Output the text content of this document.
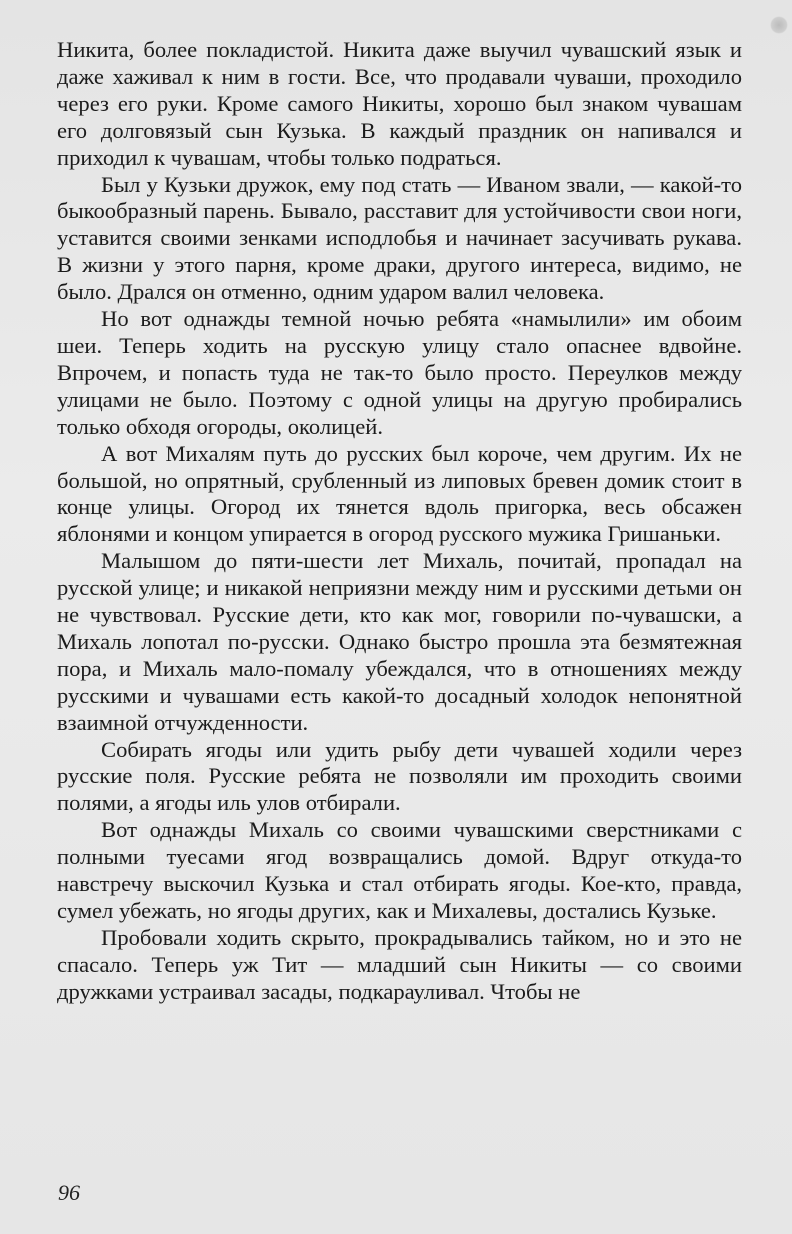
Никита, более покладистой. Никита даже выучил чувашский язык и даже хаживал к ним в гости. Все, что продавали чуваши, проходило через его руки. Кроме самого Никиты, хорошо был знаком чувашам его долговязый сын Кузька. В каждый праздник он напивался и приходил к чувашам, чтобы только подраться.

Был у Кузьки дружок, ему под стать — Иваном звали, — какой-то быкообразный парень. Бывало, расставит для устойчивости свои ноги, уставится своими зенками исподлобья и начинает засучивать рукава. В жизни у этого парня, кроме драки, другого интереса, видимо, не было. Дрался он отменно, одним ударом валил человека.

Но вот однажды темной ночью ребята «намылили» им обоим шеи. Теперь ходить на русскую улицу стало опаснее вдвойне. Впрочем, и попасть туда не так-то было просто. Переулков между улицами не было. Поэтому с одной улицы на другую пробирались только обходя огороды, околицей.

А вот Михалям путь до русских был короче, чем другим. Их не большой, но опрятный, срубленный из липовых бревен домик стоит в конце улицы. Огород их тянется вдоль пригорка, весь обсажен яблонями и концом упирается в огород русского мужика Гришаньки.

Малышом до пяти-шести лет Михаль, почитай, пропадал на русской улице; и никакой неприязни между ним и русскими детьми он не чувствовал. Русские дети, кто как мог, говорили по-чувашски, а Михаль лопотал по-русски. Однако быстро прошла эта безмятежная пора, и Михаль мало-помалу убеждался, что в отношениях между русскими и чувашами есть какой-то досадный холодок непонятной взаимной отчужденности.

Собирать ягоды или удить рыбу дети чувашей ходили через русские поля. Русские ребята не позволяли им проходить своими полями, а ягоды иль улов отбирали.

Вот однажды Михаль со своими чувашскими сверстниками с полными туесами ягод возвращались домой. Вдруг откуда-то навстречу выскочил Кузька и стал отбирать ягоды. Кое-кто, правда, сумел убежать, но ягоды других, как и Михалевы, достались Кузьке.

Пробовали ходить скрыто, прокрадывались тайком, но и это не спасало. Теперь уж Тит — младший сын Никиты — со своими дружками устраивал засады, подкарауливал. Чтобы не

96
